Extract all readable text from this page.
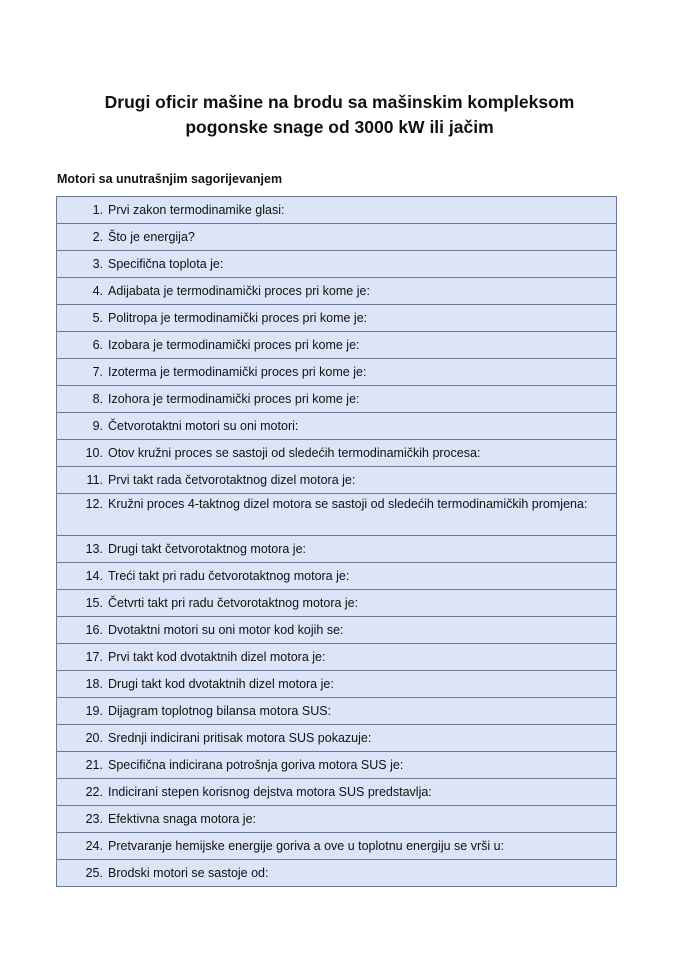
Drugi oficir mašine na brodu sa mašinskim kompleksom
pogonske snage od 3000 kW ili jačim
Motori sa unutrašnjim sagorijevanjem
1. Prvi zakon termodinamike glasi:

2. Što je energija?

3. Specifična toplota je:

4. Adijabata je termodinamički proces pri kome je:

5. Politropa je termodinamički proces pri kome je:

6. Izobara je termodinamički proces pri kome je:

7. Izoterma je termodinamički proces pri kome je:

8. Izohora je termodinamički proces pri kome je:

9. Četvorotaktni motori su oni motori:

10. Otov kružni proces se sastoji od sledećih termodinamičkih procesa:

11. Prvi takt rada četvorotaktnog dizel motora je:

12. Kružni proces 4-taktnog dizel motora se sastoji od sledećih termodinamičkih promjena:

13. Drugi takt četvorotaktnog motora je:

14. Treći takt pri radu četvorotaktnog motora je:

15. Četvrti takt pri radu četvorotaktnog motora je:

16. Dvotaktni motori su oni motor kod kojih se:

17. Prvi takt kod dvotaktnih dizel motora je:

18. Drugi takt kod dvotaktnih dizel motora je:

19. Dijagram toplotnog bilansa motora SUS:

20. Srednji indicirani pritisak motora SUS pokazuje:

21. Specifična indicirana potrošnja goriva motora SUS je:

22. Indicirani stepen korisnog dejstva motora SUS predstavlja:

23. Efektivna snaga motora je:

24. Pretvaranje hemijske energije goriva a ove u toplotnu energiju se vrši u:

25. Brodski motori se sastoje od:
